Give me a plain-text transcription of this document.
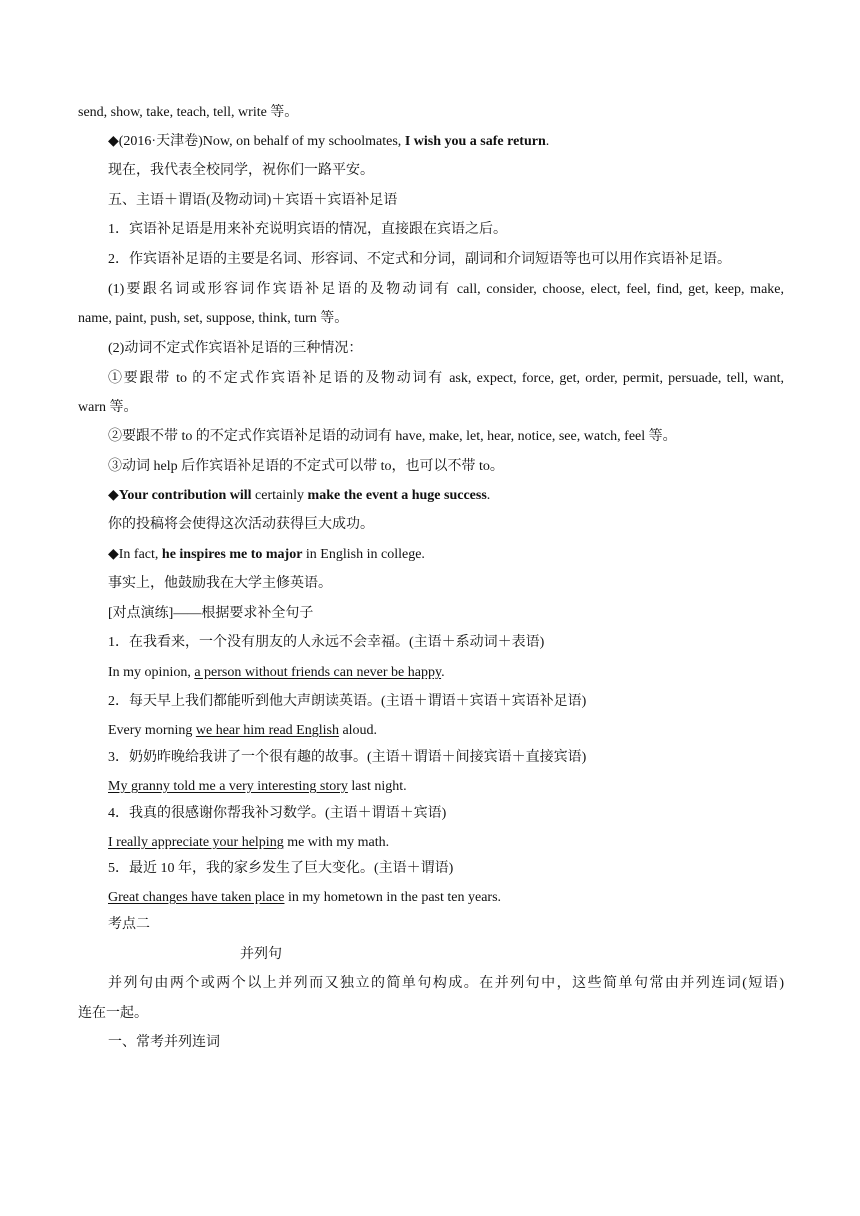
send, show, take, teach, tell, write 等。
◆(2016·天津卷)Now, on behalf of my schoolmates, I wish you a safe return.
现在，我代表全校同学，祝你们一路平安。
五、主语＋谓语(及物动词)＋宾语＋宾语补足语
1．宾语补足语是用来补充说明宾语的情况，直接跟在宾语之后。
2．作宾语补足语的主要是名词、形容词、不定式和分词，副词和介词短语等也可以用作宾语补足语。
(1)要跟名词或形容词作宾语补足语的及物动词有 call, consider, choose, elect, feel, find, get, keep, make,
name, paint, push, set, suppose, think, turn 等。
(2)动词不定式作宾语补足语的三种情况：
①要跟带 to 的不定式作宾语补足语的及物动词有 ask, expect, force, get, order, permit, persuade, tell, want,
warn 等。
②要跟不带 to 的不定式作宾语补足语的动词有 have, make, let, hear, notice, see, watch, feel 等。
③动词 help 后作宾语补足语的不定式可以带 to，也可以不带 to。
◆Your contribution will certainly make the event a huge success.
你的投稿将会使得这次活动获得巨大成功。
◆In fact, he inspires me to major in English in college.
事实上，他鼓励我在大学主修英语。
[对点演练]——根据要求补全句子
1．在我看来，一个没有朋友的人永远不会幸福。(主语＋系动词＋表语)
In my opinion, a person without friends can never be happy.
2．每天早上我们都能听到他大声朗读英语。(主语＋谓语＋宾语＋宾语补足语)
Every morning we hear him read English aloud.
3．奶奶昨晚给我讲了一个很有趣的故事。(主语＋谓语＋间接宾语＋直接宾语)
My granny told me a very interesting story last night.
4．我真的很感谢你帮我补习数学。(主语＋谓语＋宾语)
I really appreciate your helping me with my math.
5．最近 10 年，我的家乡发生了巨大变化。(主语＋谓语)
Great changes have taken place in my hometown in the past ten years.
考点二
并列句
并列句由两个或两个以上并列而又独立的简单句构成。在并列句中，这些简单句常由并列连词(短语)
连在一起。
一、常考并列连词
